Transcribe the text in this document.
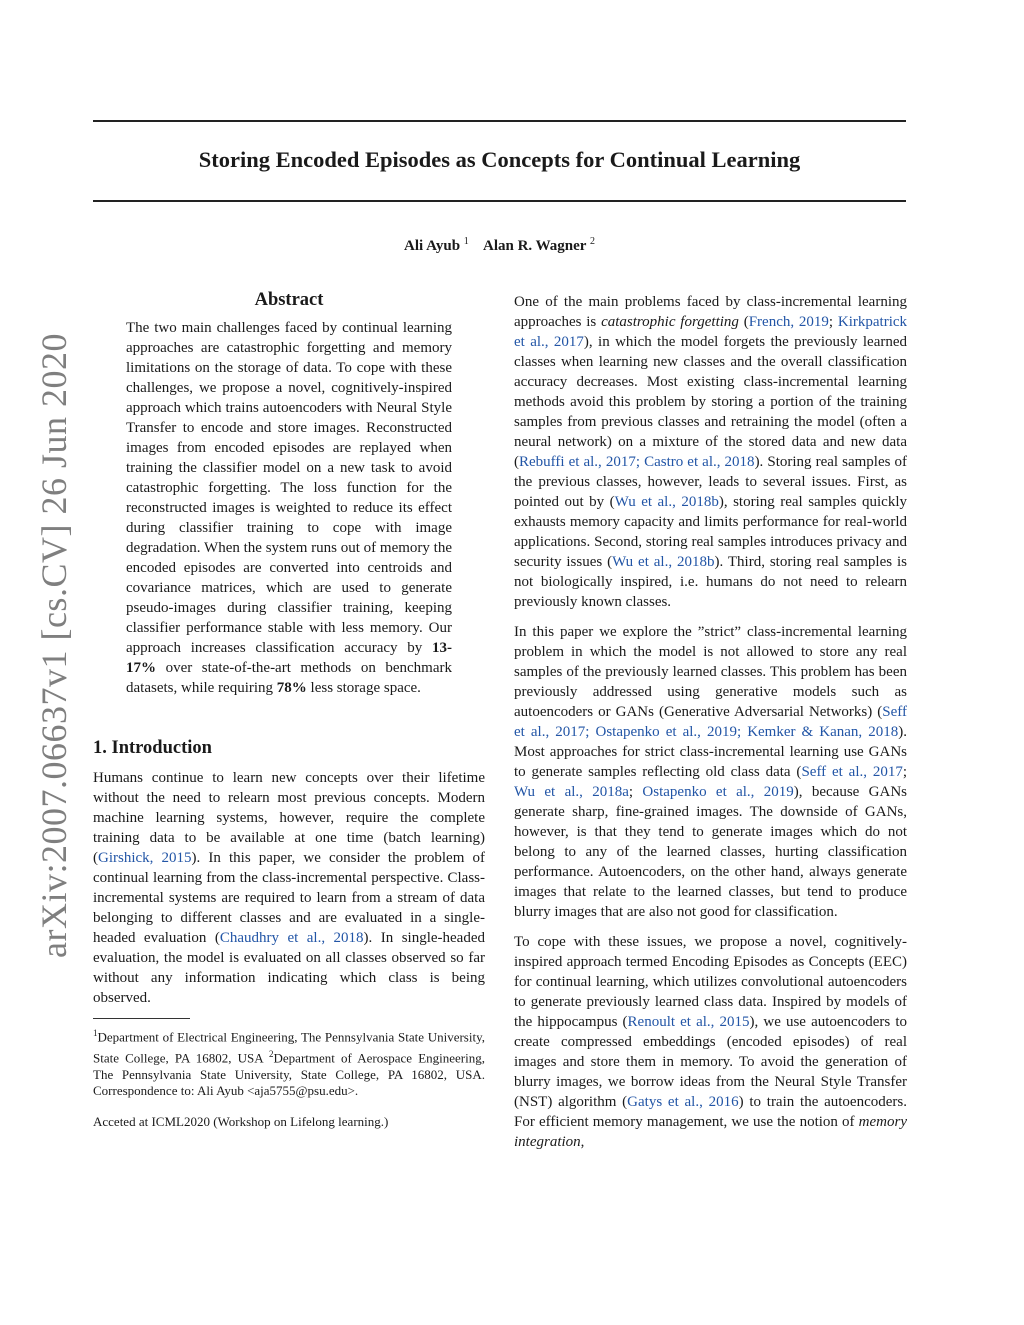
Storing Encoded Episodes as Concepts for Continual Learning
Ali Ayub $^1$ Alan R. Wagner $^2$
arXiv:2007.06637v1 [cs.CV] 26 Jun 2020
Abstract

The two main challenges faced by continual learning approaches are catastrophic forgetting and memory limitations on the storage of data. To cope with these challenges, we propose a novel, cognitively-inspired approach which trains autoencoders with Neural Style Transfer to encode and store images. Reconstructed images from encoded episodes are replayed when training the classifier model on a new task to avoid catastrophic forgetting. The loss function for the reconstructed images is weighted to reduce its effect during classifier training to cope with image degradation. When the system runs out of memory the encoded episodes are converted into centroids and covariance matrices, which are used to generate pseudo-images during classifier training, keeping classifier performance stable with less memory. Our approach increases classification accuracy by 13-17% over state-of-the-art methods on benchmark datasets, while requiring 78% less storage space.

1. Introduction

Humans continue to learn new concepts over their lifetime without the need to relearn most previous concepts. Modern machine learning systems, however, require the complete training data to be available at one time (batch learning) (Girshick, 2015). In this paper, we consider the problem of continual learning from the class-incremental perspective. Class-incremental systems are required to learn from a stream of data belonging to different classes and are evaluated in a single-headed evaluation (Chaudhry et al., 2018). In single-headed evaluation, the model is evaluated on all classes observed so far without any information indicating which class is being observed.

$^1$Department of Electrical Engineering, The Pennsylvania State University, State College, PA 16802, USA $^2$Department of Aerospace Engineering, The Pennsylvania State University, State College, PA 16802, USA. Correspondence to: Ali Ayub <aja5755@psu.edu>.

Acceted at ICML2020 (Workshop on Lifelong learning.)

One of the main problems faced by class-incremental learning approaches is catastrophic forgetting (French, 2019; Kirkpatrick et al., 2017), in which the model forgets the previously learned classes when learning new classes and the overall classification accuracy decreases. Most existing class-incremental learning methods avoid this problem by storing a portion of the training samples from previous classes and retraining the model (often a neural network) on a mixture of the stored data and new data (Rebuffi et al., 2017; Castro et al., 2018). Storing real samples of the previous classes, however, leads to several issues. First, as pointed out by (Wu et al., 2018b), storing real samples quickly exhausts memory capacity and limits performance for real-world applications. Second, storing real samples introduces privacy and security issues (Wu et al., 2018b). Third, storing real samples is not biologically inspired, i.e. humans do not need to relearn previously known classes.

In this paper we explore the ”strict” class-incremental learning problem in which the model is not allowed to store any real samples of the previously learned classes. This problem has been previously addressed using generative models such as autoencoders or GANs (Generative Adversarial Networks) (Seff et al., 2017; Ostapenko et al., 2019; Kemker & Kanan, 2018). Most approaches for strict class-incremental learning use GANs to generate samples reflecting old class data (Seff et al., 2017; Wu et al., 2018a; Ostapenko et al., 2019), because GANs generate sharp, fine-grained images. The downside of GANs, however, is that they tend to generate images which do not belong to any of the learned classes, hurting classification performance. Autoencoders, on the other hand, always generate images that relate to the learned classes, but tend to produce blurry images that are also not good for classification.

To cope with these issues, we propose a novel, cognitively-inspired approach termed Encoding Episodes as Concepts (EEC) for continual learning, which utilizes convolutional autoencoders to generate previously learned class data. Inspired by models of the hippocampus (Renoult et al., 2015), we use autoencoders to create compressed embeddings (encoded episodes) of real images and store them in memory. To avoid the generation of blurry images, we borrow ideas from the Neural Style Transfer (NST) algorithm (Gatys et al., 2016) to train the autoencoders. For efficient memory management, we use the notion of memory integration,
